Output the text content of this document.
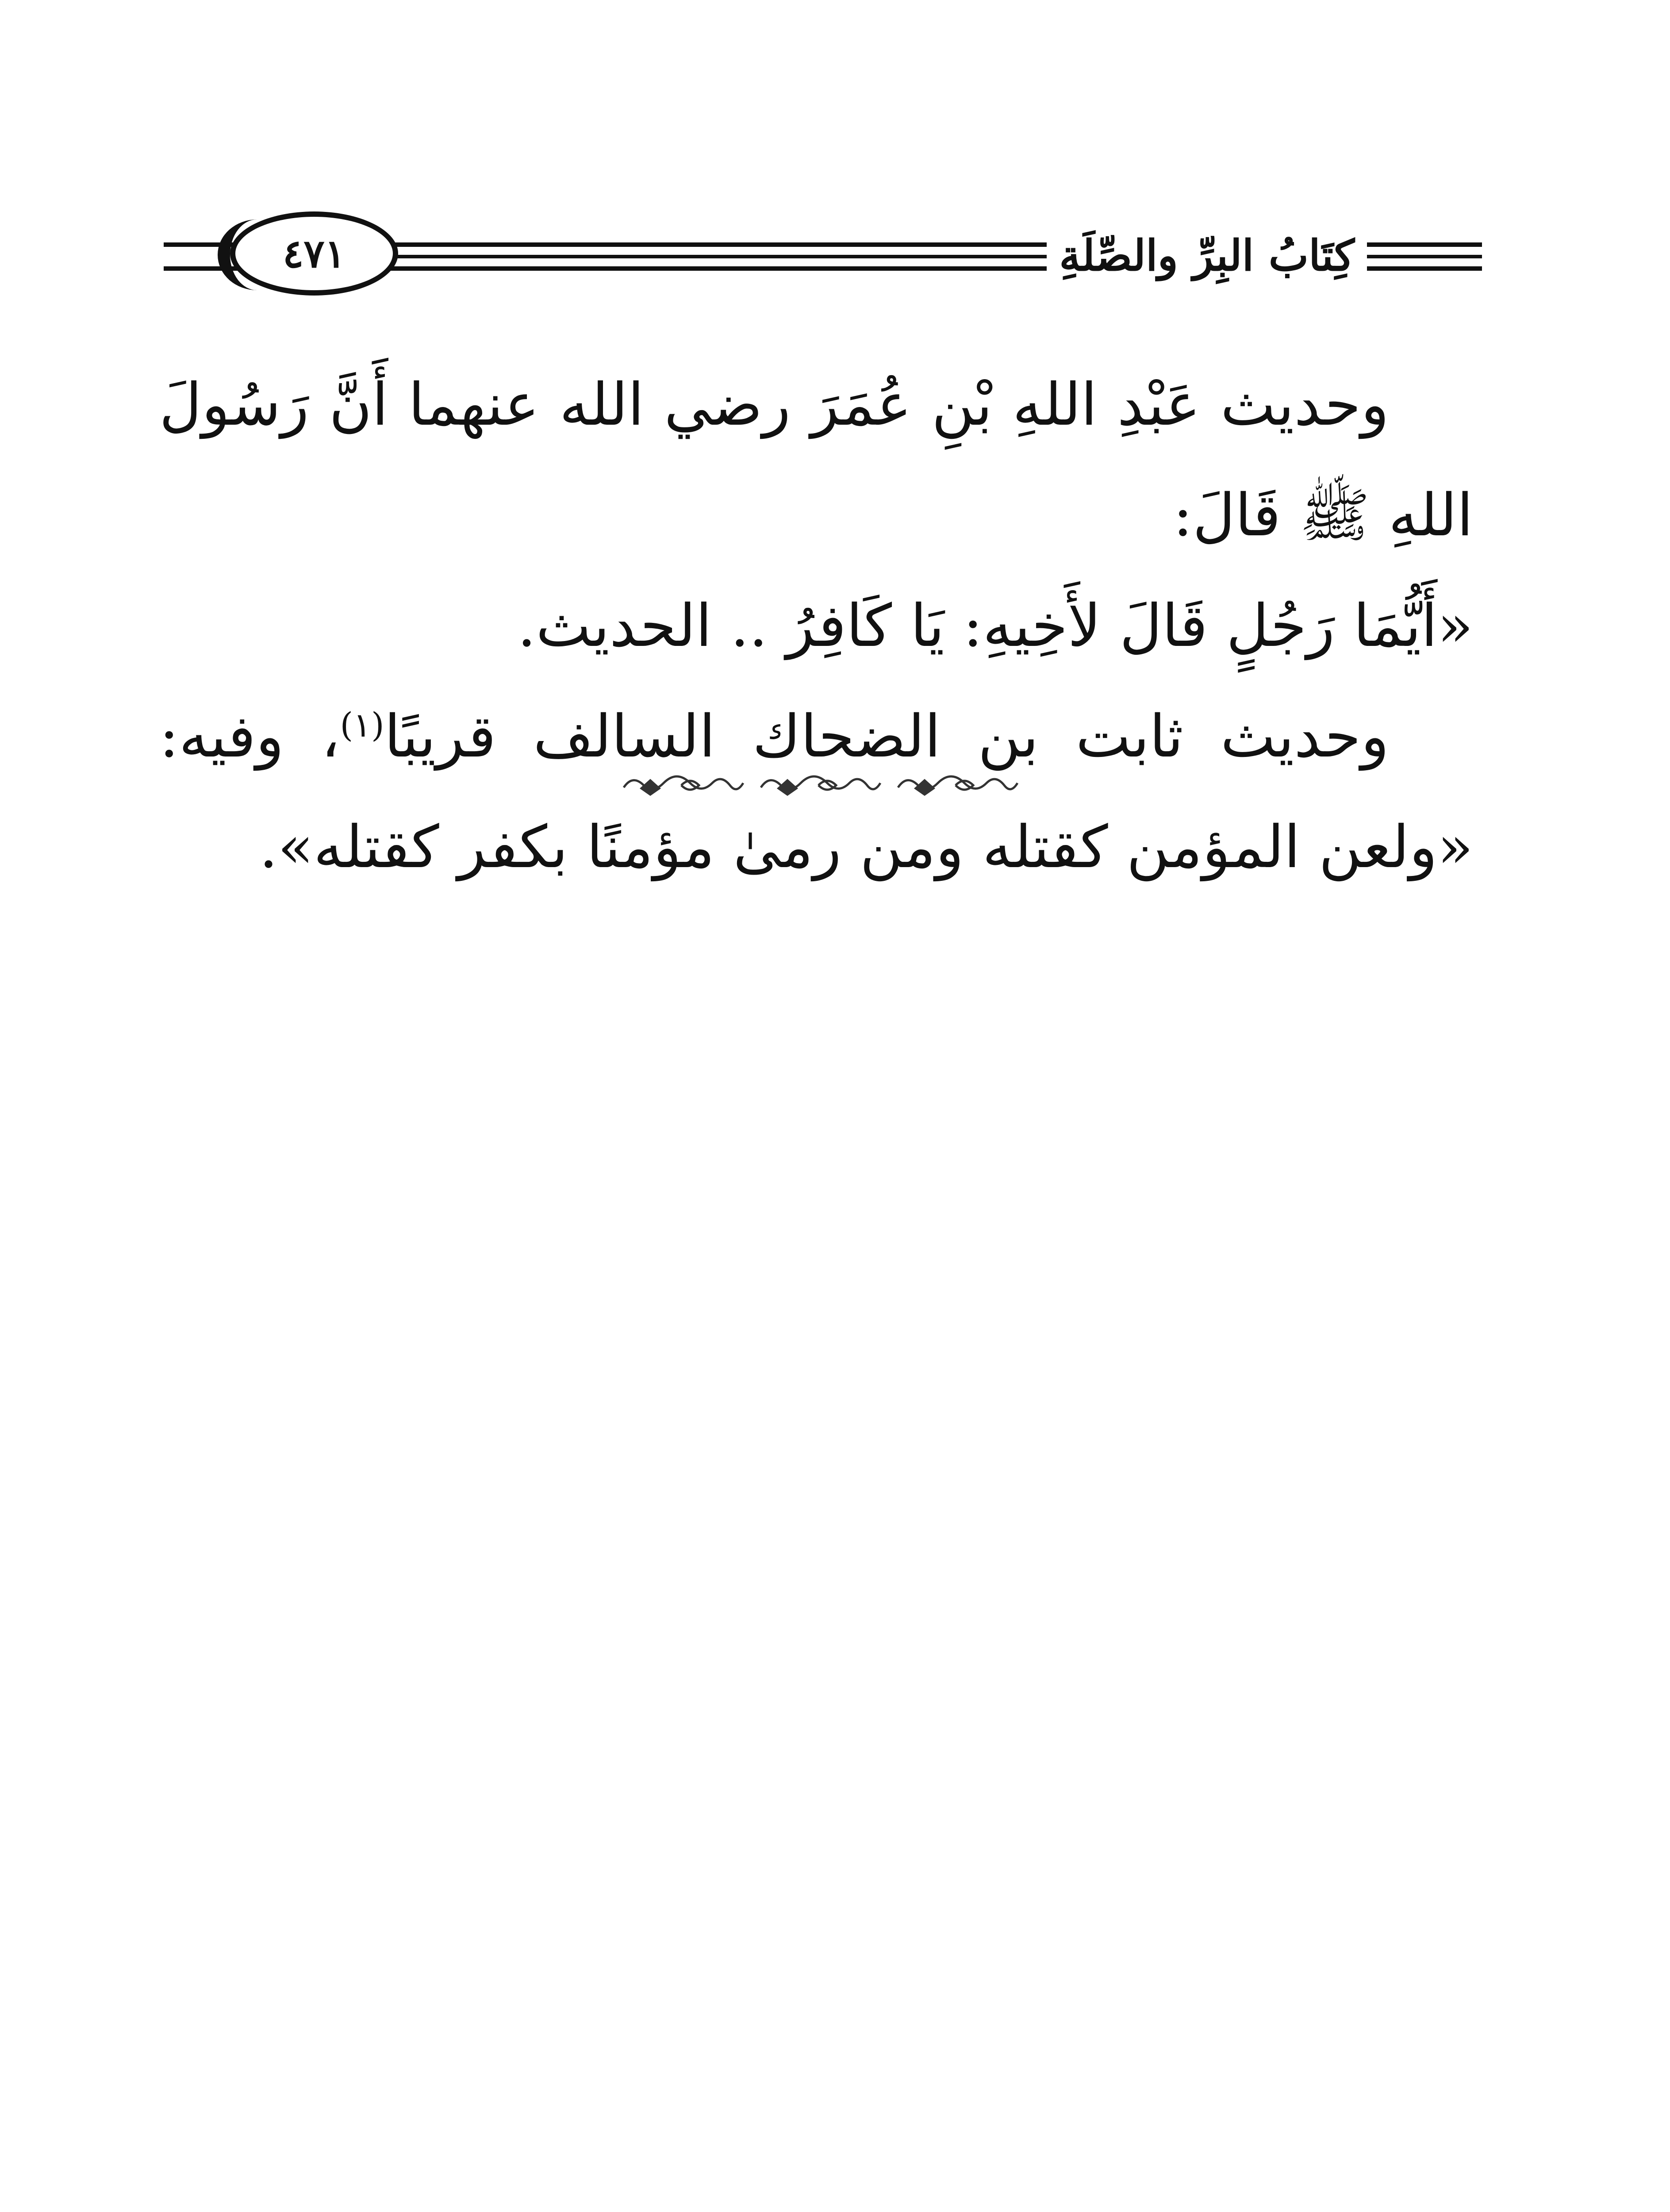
٤٧١	كِتَابُ البِرِّ والصِّلَةِ

وحديث عَبْدِ اللهِ بْنِ عُمَرَ رضي الله عنهما أَنَّ رَسُولَ اللهِ ﷺ قَالَ:
«أَيُّمَا رَجُلٍ قَالَ لأَخِيهِ: يَا كَافِرُ .. الحديث.

وحديث ثابت بن الضحاك السالف قريبًا$^{(١)}$، وفيه: «ولعن المؤمن كقتله ومن رمىٰ مؤمنًا بكفر كقتله».
